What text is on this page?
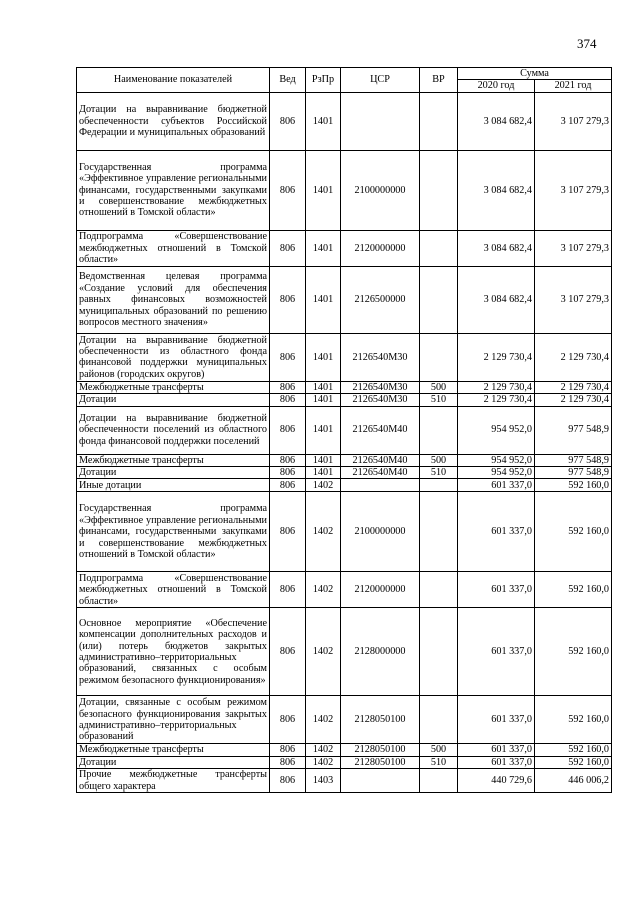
374
Наименование показателей	Вед	РзПр	ЦСР	ВР	Сумма	
					2020 год	2021 год
Дотации на выравнивание бюджетной обеспеченности субъектов Российской Федерации и муниципальных образований	806	1401			3 084 682,4	3 107 279,3
Государственная программа «Эффективное управление региональными финансами, государственными закупками и совершенствование межбюджетных отношений в Томской области»	806	1401	2100000000		3 084 682,4	3 107 279,3
Подпрограмма «Совершенствование межбюджетных отношений в Томской области»	806	1401	2120000000		3 084 682,4	3 107 279,3
Ведомственная целевая программа «Создание условий для обеспечения равных финансовых возможностей муниципальных образований по решению вопросов местного значения»	806	1401	2126500000		3 084 682,4	3 107 279,3
Дотации на выравнивание бюджетной обеспеченности из областного фонда финансовой поддержки муниципальных районов (городских округов)	806	1401	2126540М30		2 129 730,4	2 129 730,4
Межбюджетные трансферты	806	1401	2126540М30	500	2 129 730,4	2 129 730,4
Дотации	806	1401	2126540М30	510	2 129 730,4	2 129 730,4
Дотации на выравнивание бюджетной обеспеченности поселений из областного фонда финансовой поддержки поселений	806	1401	2126540М40		954 952,0	977 548,9
Межбюджетные трансферты	806	1401	2126540М40	500	954 952,0	977 548,9
Дотации	806	1401	2126540М40	510	954 952,0	977 548,9
Иные дотации	806	1402			601 337,0	592 160,0
Государственная программа «Эффективное управление региональными финансами, государственными закупками и совершенствование межбюджетных отношений в Томской области»	806	1402	2100000000		601 337,0	592 160,0
Подпрограмма «Совершенствование межбюджетных отношений в Томской области»	806	1402	2120000000		601 337,0	592 160,0
Основное мероприятие «Обеспечение компенсации дополнительных расходов и (или) потерь бюджетов закрытых административно–территориальных образований, связанных с особым режимом безопасного функционирования»	806	1402	2128000000		601 337,0	592 160,0
Дотации, связанные с особым режимом безопасного функционирования закрытых административно–территориальных образований	806	1402	2128050100		601 337,0	592 160,0
Межбюджетные трансферты	806	1402	2128050100	500	601 337,0	592 160,0
Дотации	806	1402	2128050100	510	601 337,0	592 160,0
Прочие межбюджетные трансферты общего характера	806	1403			440 729,6	446 006,2
